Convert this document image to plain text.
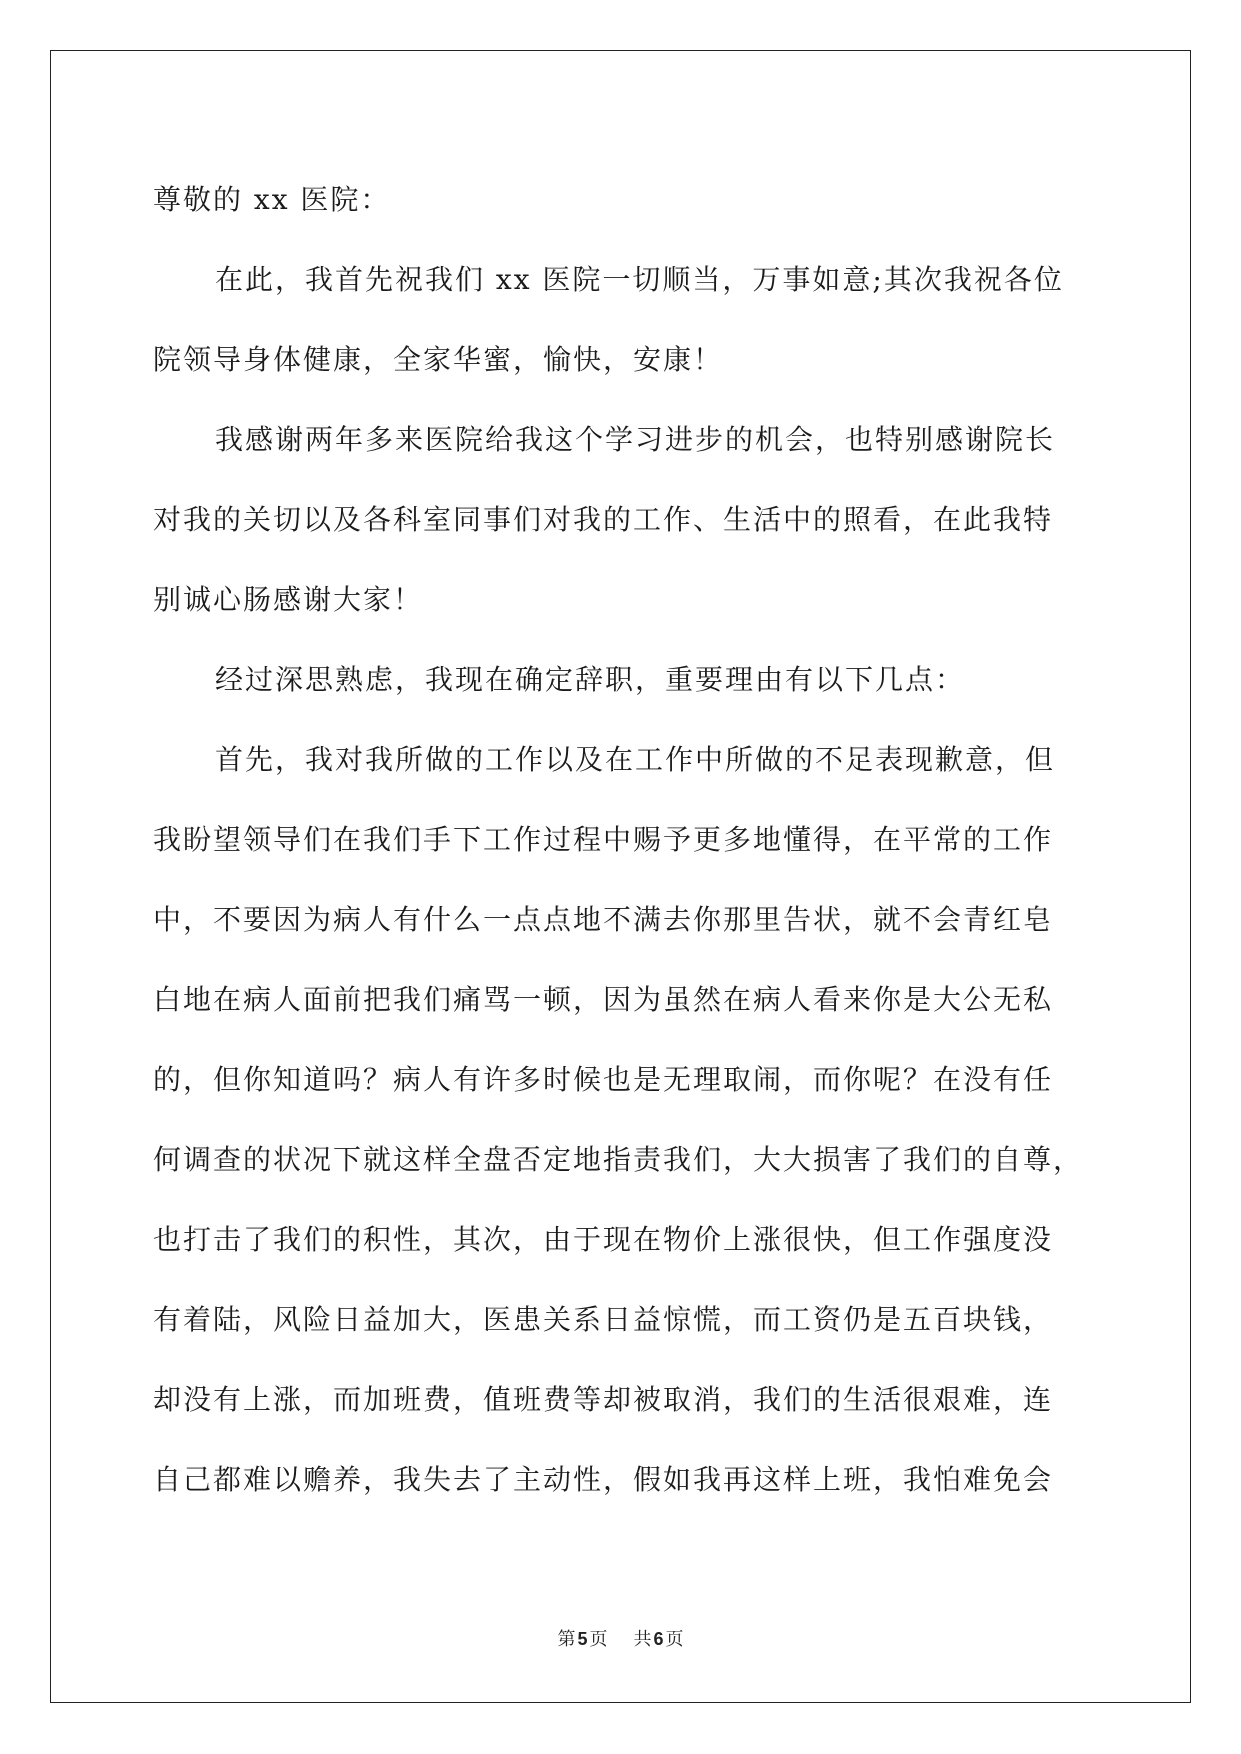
尊敬的 xx 医院：
在此，我首先祝我们 xx 医院一切顺当，万事如意;其次我祝各位
院领导身体健康，全家华蜜，愉快，安康！
我感谢两年多来医院给我这个学习进步的机会，也特别感谢院长
对我的关切以及各科室同事们对我的工作、生活中的照看，在此我特
别诚心肠感谢大家！
经过深思熟虑，我现在确定辞职，重要理由有以下几点：
首先，我对我所做的工作以及在工作中所做的不足表现歉意，但
我盼望领导们在我们手下工作过程中赐予更多地懂得，在平常的工作
中，不要因为病人有什么一点点地不满去你那里告状，就不会青红皂
白地在病人面前把我们痛骂一顿，因为虽然在病人看来你是大公无私
的，但你知道吗？病人有许多时候也是无理取闹，而你呢？在没有任
何调查的状况下就这样全盘否定地指责我们，大大损害了我们的自尊，
也打击了我们的积性，其次，由于现在物价上涨很快，但工作强度没
有着陆，风险日益加大，医患关系日益惊慌，而工资仍是五百块钱，
却没有上涨，而加班费，值班费等却被取消，我们的生活很艰难，连
自己都难以赡养，我失去了主动性，假如我再这样上班，我怕难免会
第 5 页 共 6 页
